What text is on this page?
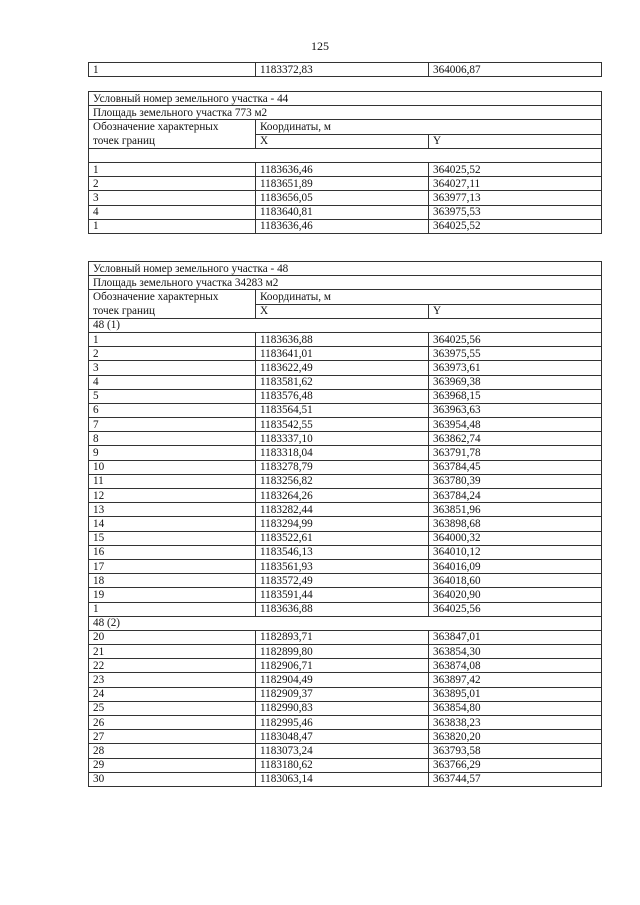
125
1	1183372,83	364006,87
Условный номер земельного участка - 44		
Площадь земельного участка 773 м2		
Обозначение характерных	Координаты, м	
точек границ	X	Y

1	1183636,46	364025,52
2	1183651,89	364027,11
3	1183656,05	363977,13
4	1183640,81	363975,53
1	1183636,46	364025,52
Условный номер земельного участка - 48		
Площадь земельного участка 34283 м2		
Обозначение характерных	Координаты, м	
точек границ	X	Y
48 (1)		
1	1183636,88	364025,56
2	1183641,01	363975,55
3	1183622,49	363973,61
4	1183581,62	363969,38
5	1183576,48	363968,15
6	1183564,51	363963,63
7	1183542,55	363954,48
8	1183337,10	363862,74
9	1183318,04	363791,78
10	1183278,79	363784,45
11	1183256,82	363780,39
12	1183264,26	363784,24
13	1183282,44	363851,96
14	1183294,99	363898,68
15	1183522,61	364000,32
16	1183546,13	364010,12
17	1183561,93	364016,09
18	1183572,49	364018,60
19	1183591,44	364020,90
1	1183636,88	364025,56
48 (2)		
20	1182893,71	363847,01
21	1182899,80	363854,30
22	1182906,71	363874,08
23	1182904,49	363897,42
24	1182909,37	363895,01
25	1182990,83	363854,80
26	1182995,46	363838,23
27	1183048,47	363820,20
28	1183073,24	363793,58
29	1183180,62	363766,29
30	1183063,14	363744,57
